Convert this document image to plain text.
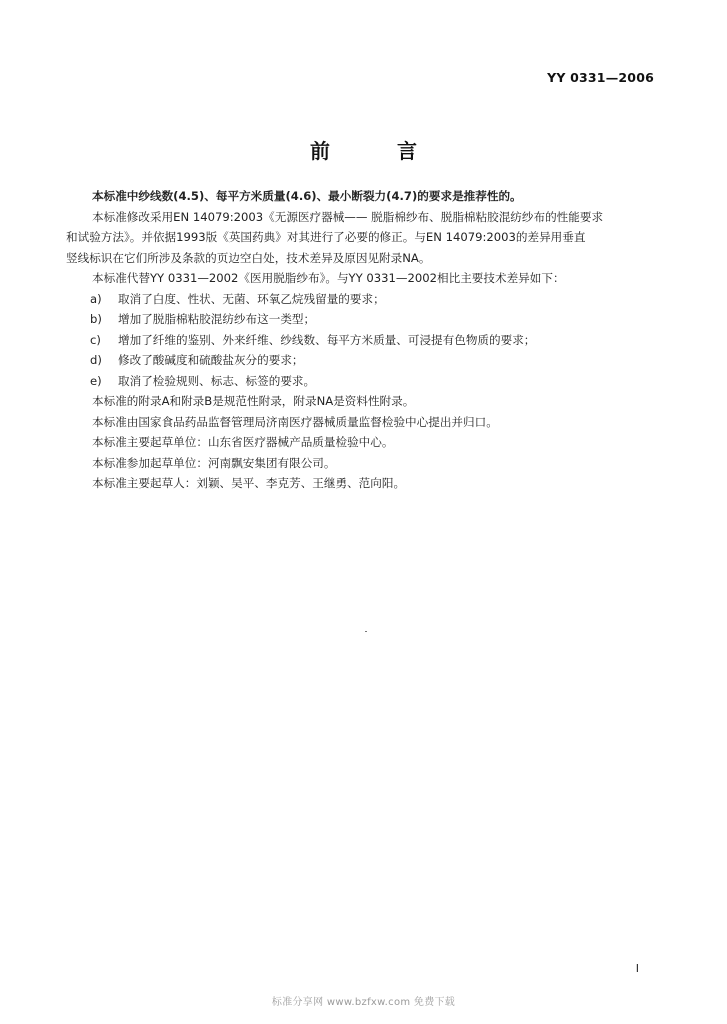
YY 0331—2006
前 言

本标准中纱线数(4.5)、每平方米质量(4.6)、最小断裂力(4.7)的要求是推荐性的。

本标准修改采用EN 14079:2003《无源医疗器械—— 脱脂棉纱布、脱脂棉粘胶混纺纱布的性能要求

和试验方法》。并依据1993版《英国药典》对其进行了必要的修正。与EN 14079:2003的差异用垂直

竖线标识在它们所涉及条款的页边空白处，技术差异及原因见附录NA。

本标准代替YY 0331—2002《医用脱脂纱布》。与YY 0331—2002相比主要技术差异如下：

a)	取消了白度、性状、无菌、环氧乙烷残留量的要求；
b)	增加了脱脂棉粘胶混纺纱布这一类型；
c)	增加了纤维的鉴别、外来纤维、纱线数、每平方米质量、可浸提有色物质的要求；
d)	修改了酸碱度和硫酸盐灰分的要求；
e)	取消了检验规则、标志、标签的要求。

本标准的附录A和附录B是规范性附录，附录NA是资料性附录。

本标准由国家食品药品监督管理局济南医疗器械质量监督检验中心提出并归口。

本标准主要起草单位：山东省医疗器械产品质量检验中心。

本标准参加起草单位：河南飘安集团有限公司。

本标准主要起草人：刘颖、吴平、李克芳、王继勇、范向阳。

I
标准分享网 www.bzfxw.com 免费下载
